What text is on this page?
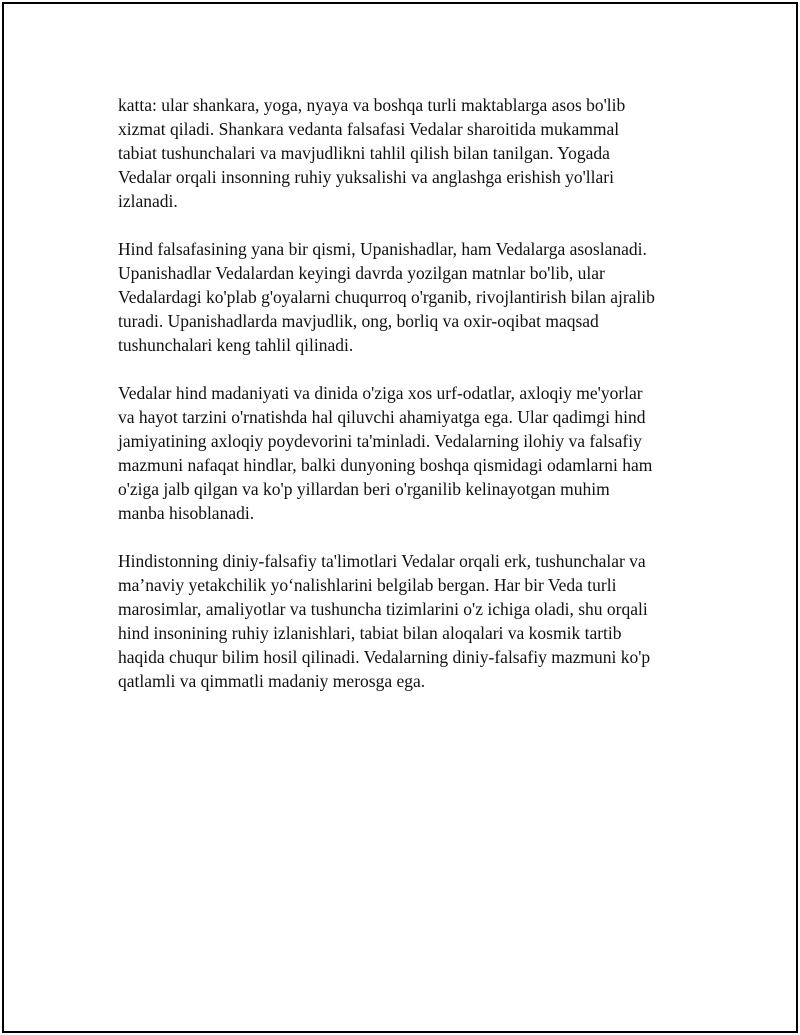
katta: ular shankara, yoga, nyaya va boshqa turli maktablarga asos bo'lib
xizmat qiladi. Shankara vedanta falsafasi Vedalar sharoitida mukammal
tabiat tushunchalari va mavjudlikni tahlil qilish bilan tanilgan. Yogada
Vedalar orqali insonning ruhiy yuksalishi va anglashga erishish yo'llari
izlanadi.

Hind falsafasining yana bir qismi, Upanishadlar, ham Vedalarga asoslanadi.
Upanishadlar Vedalardan keyingi davrda yozilgan matnlar bo'lib, ular
Vedalardagi ko'plab g'oyalarni chuqurroq o'rganib, rivojlantirish bilan ajralib
turadi. Upanishadlarda mavjudlik, ong, borliq va oxir-oqibat maqsad
tushunchalari keng tahlil qilinadi.

Vedalar hind madaniyati va dinida o'ziga xos urf-odatlar, axloqiy me'yorlar
va hayot tarzini o'rnatishda hal qiluvchi ahamiyatga ega. Ular qadimgi hind
jamiyatining axloqiy poydevorini ta'minladi. Vedalarning ilohiy va falsafiy
mazmuni nafaqat hindlar, balki dunyoning boshqa qismidagi odamlarni ham
o'ziga jalb qilgan va ko'p yillardan beri o'rganilib kelinayotgan muhim
manba hisoblanadi.

Hindistonning diniy-falsafiy ta'limotlari Vedalar orqali erk, tushunchalar va
ma’naviy yetakchilik yo‘nalishlarini belgilab bergan. Har bir Veda turli
marosimlar, amaliyotlar va tushuncha tizimlarini o'z ichiga oladi, shu orqali
hind insonining ruhiy izlanishlari, tabiat bilan aloqalari va kosmik tartib
haqida chuqur bilim hosil qilinadi. Vedalarning diniy-falsafiy mazmuni ko'p
qatlamli va qimmatli madaniy merosga ega.
